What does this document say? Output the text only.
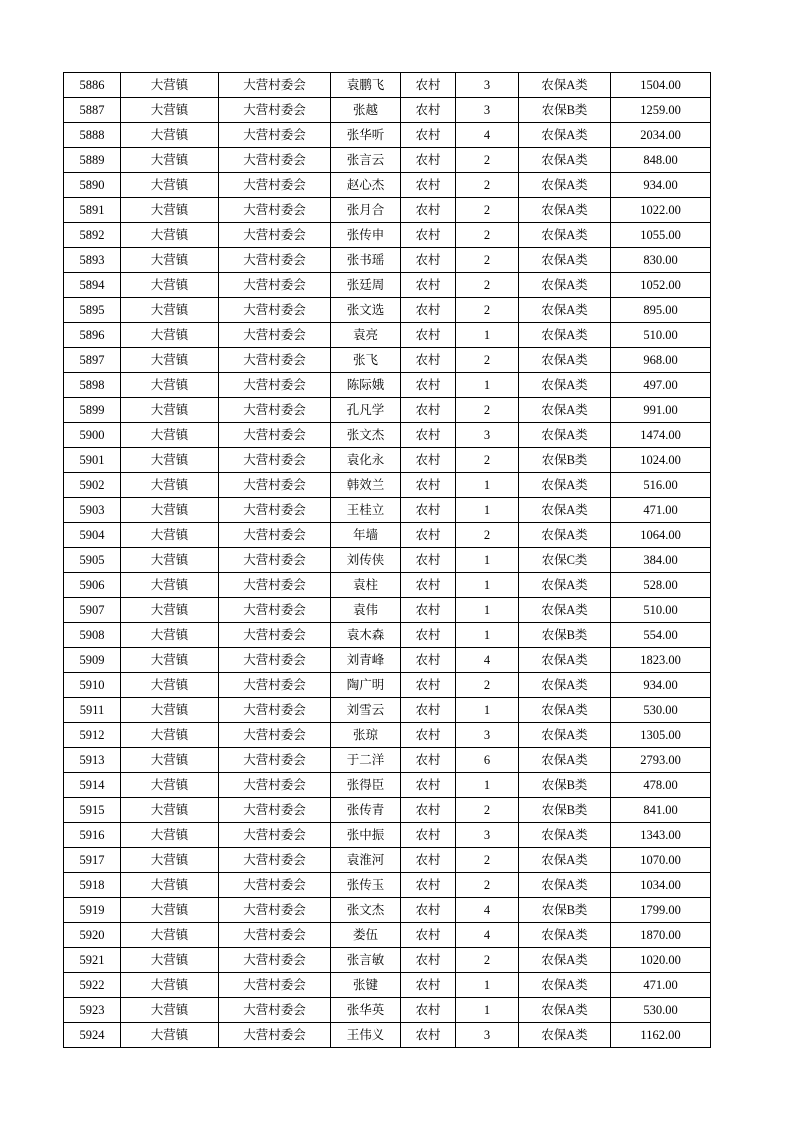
5886	大营镇	大营村委会	袁鹏飞	农村	3	农保A类	1504.00
5887	大营镇	大营村委会	张越	农村	3	农保B类	1259.00
5888	大营镇	大营村委会	张华听	农村	4	农保A类	2034.00
5889	大营镇	大营村委会	张言云	农村	2	农保A类	848.00
5890	大营镇	大营村委会	赵心杰	农村	2	农保A类	934.00
5891	大营镇	大营村委会	张月合	农村	2	农保A类	1022.00
5892	大营镇	大营村委会	张传申	农村	2	农保A类	1055.00
5893	大营镇	大营村委会	张书瑶	农村	2	农保A类	830.00
5894	大营镇	大营村委会	张廷周	农村	2	农保A类	1052.00
5895	大营镇	大营村委会	张文选	农村	2	农保A类	895.00
5896	大营镇	大营村委会	袁亮	农村	1	农保A类	510.00
5897	大营镇	大营村委会	张飞	农村	2	农保A类	968.00
5898	大营镇	大营村委会	陈际娥	农村	1	农保A类	497.00
5899	大营镇	大营村委会	孔凡学	农村	2	农保A类	991.00
5900	大营镇	大营村委会	张文杰	农村	3	农保A类	1474.00
5901	大营镇	大营村委会	袁化永	农村	2	农保B类	1024.00
5902	大营镇	大营村委会	韩效兰	农村	1	农保A类	516.00
5903	大营镇	大营村委会	王桂立	农村	1	农保A类	471.00
5904	大营镇	大营村委会	年墙	农村	2	农保A类	1064.00
5905	大营镇	大营村委会	刘传侠	农村	1	农保C类	384.00
5906	大营镇	大营村委会	袁柱	农村	1	农保A类	528.00
5907	大营镇	大营村委会	袁伟	农村	1	农保A类	510.00
5908	大营镇	大营村委会	袁木森	农村	1	农保B类	554.00
5909	大营镇	大营村委会	刘青峰	农村	4	农保A类	1823.00
5910	大营镇	大营村委会	陶广明	农村	2	农保A类	934.00
5911	大营镇	大营村委会	刘雪云	农村	1	农保A类	530.00
5912	大营镇	大营村委会	张琼	农村	3	农保A类	1305.00
5913	大营镇	大营村委会	于二洋	农村	6	农保A类	2793.00
5914	大营镇	大营村委会	张得臣	农村	1	农保B类	478.00
5915	大营镇	大营村委会	张传青	农村	2	农保B类	841.00
5916	大营镇	大营村委会	张中振	农村	3	农保A类	1343.00
5917	大营镇	大营村委会	袁淮河	农村	2	农保A类	1070.00
5918	大营镇	大营村委会	张传玉	农村	2	农保A类	1034.00
5919	大营镇	大营村委会	张文杰	农村	4	农保B类	1799.00
5920	大营镇	大营村委会	娄伍	农村	4	农保A类	1870.00
5921	大营镇	大营村委会	张言敏	农村	2	农保A类	1020.00
5922	大营镇	大营村委会	张键	农村	1	农保A类	471.00
5923	大营镇	大营村委会	张华英	农村	1	农保A类	530.00
5924	大营镇	大营村委会	王伟义	农村	3	农保A类	1162.00
